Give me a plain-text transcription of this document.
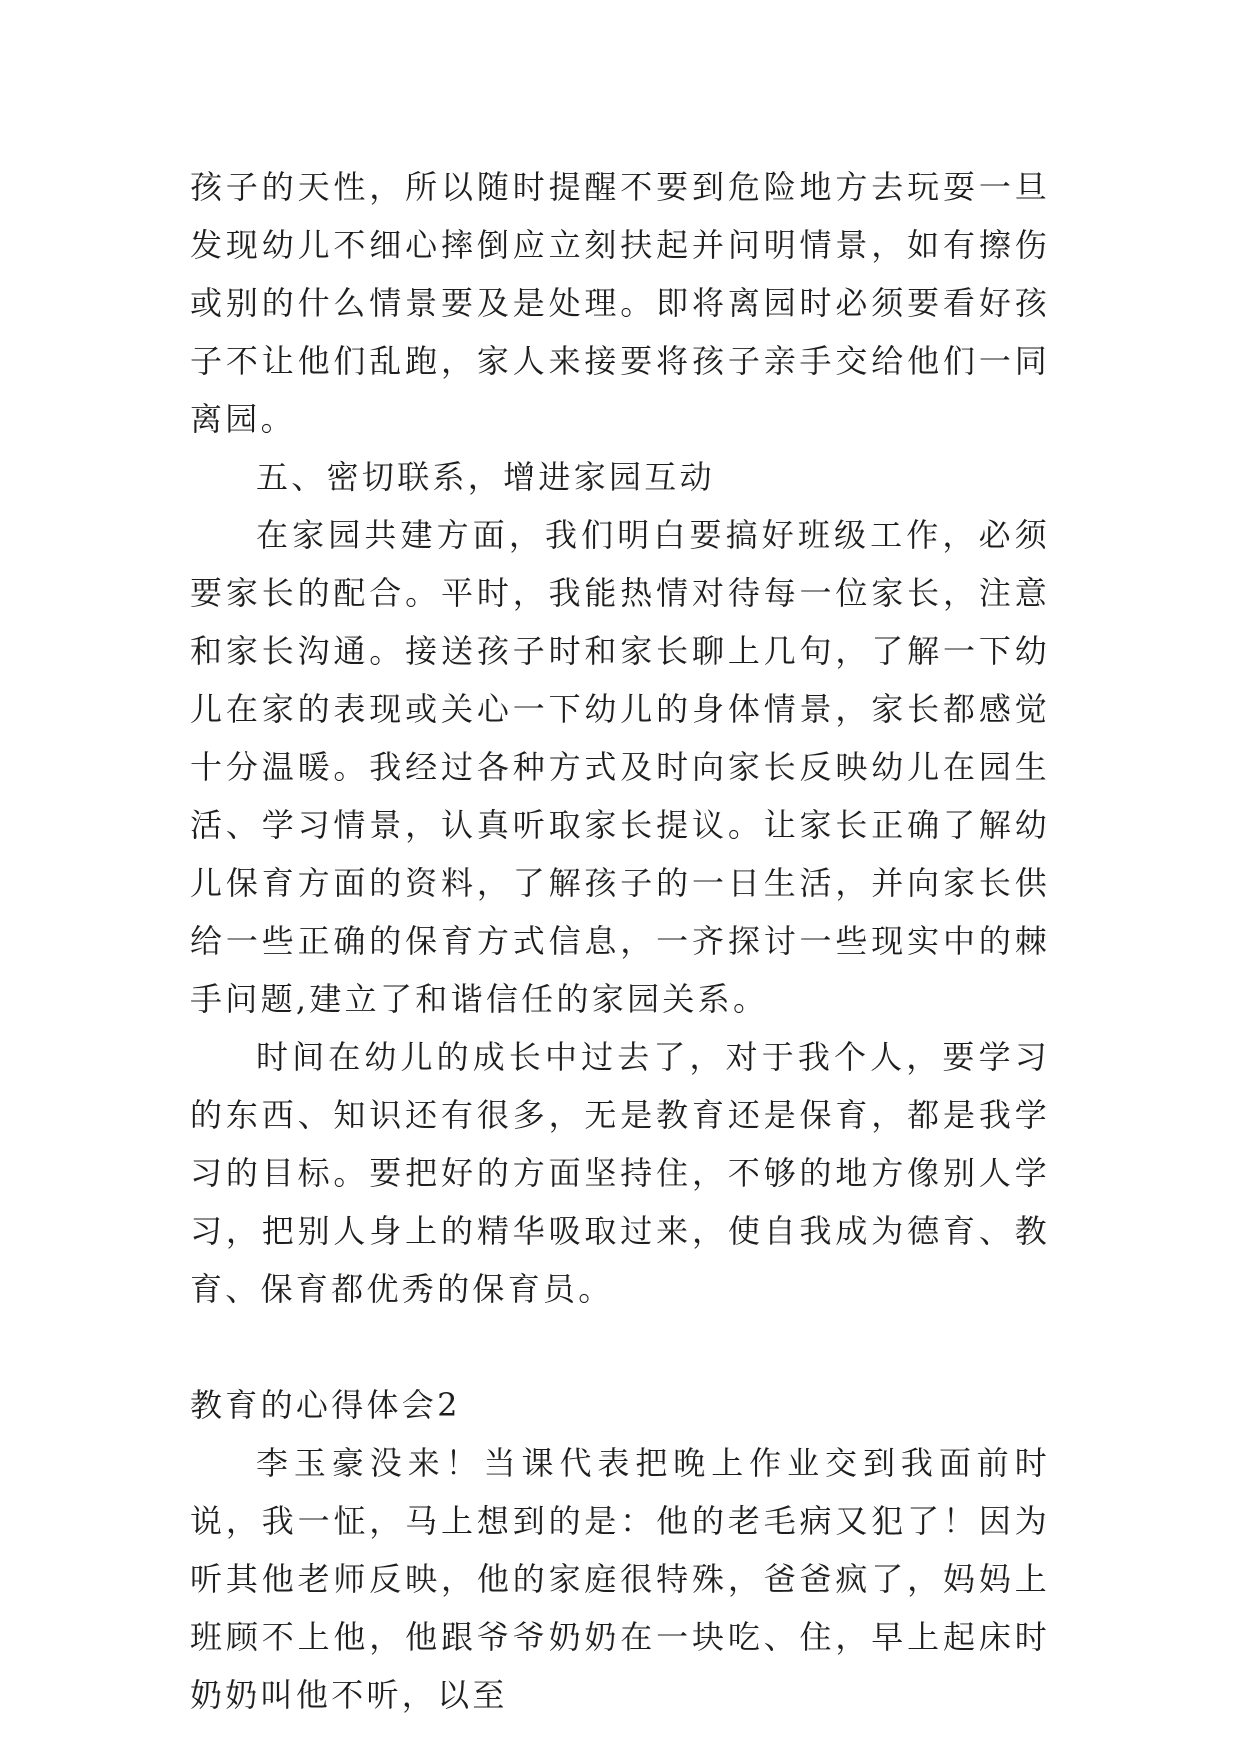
孩子的天性，所以随时提醒不要到危险地方去玩耍一旦发现幼儿不细心摔倒应立刻扶起并问明情景，如有擦伤或别的什么情景要及是处理。即将离园时必须要看好孩子不让他们乱跑，家人来接要将孩子亲手交给他们一同离园。

五、密切联系，增进家园互动

在家园共建方面，我们明白要搞好班级工作，必须要家长的配合。平时，我能热情对待每一位家长，注意和家长沟通。接送孩子时和家长聊上几句，了解一下幼儿在家的表现或关心一下幼儿的身体情景，家长都感觉十分温暖。我经过各种方式及时向家长反映幼儿在园生活、学习情景，认真听取家长提议。让家长正确了解幼儿保育方面的资料，了解孩子的一日生活，并向家长供给一些正确的保育方式信息，一齐探讨一些现实中的棘手问题,建立了和谐信任的家园关系。

时间在幼儿的成长中过去了，对于我个人，要学习的东西、知识还有很多，无是教育还是保育，都是我学习的目标。要把好的方面坚持住，不够的地方像别人学习，把别人身上的精华吸取过来，使自我成为德育、教育、保育都优秀的保育员。

教育的心得体会2

李玉豪没来！当课代表把晚上作业交到我面前时说，我一怔，马上想到的是：他的老毛病又犯了！因为听其他老师反映，他的家庭很特殊，爸爸疯了，妈妈上班顾不上他，他跟爷爷奶奶在一块吃、住，早上起床时奶奶叫他不听，以至
